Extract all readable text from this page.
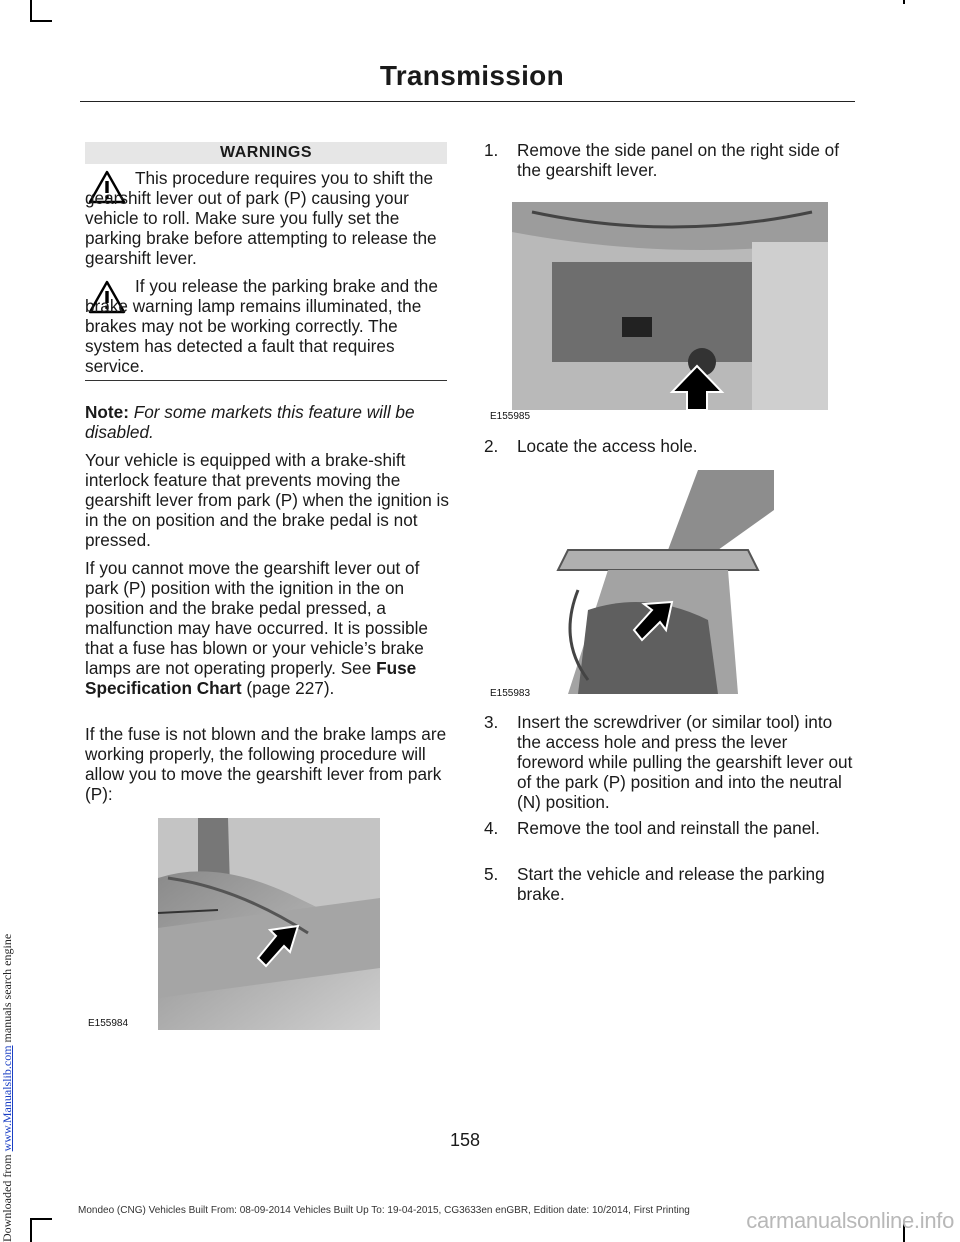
Transmission
WARNINGS
This procedure requires you to shift the gearshift lever out of park (P) causing your vehicle to roll. Make sure you fully set the parking brake before attempting to release the gearshift lever.
If you release the parking brake and the brake warning lamp remains illuminated, the brakes may not be working correctly. The system has detected a fault that requires service.

Note: For some markets this feature will be disabled.

Your vehicle is equipped with a brake-shift interlock feature that prevents moving the gearshift lever from park (P) when the ignition is in the on position and the brake pedal is not pressed.

If you cannot move the gearshift lever out of park (P) position with the ignition in the on position and the brake pedal pressed, a malfunction may have occurred. It is possible that a fuse has blown or your vehicle’s brake lamps are not operating properly. See Fuse Specification Chart (page 227).

If the fuse is not blown and the brake lamps are working properly, the following procedure will allow you to move the gearshift lever from park (P):

E155984
1. Remove the side panel on the right side of the gearshift lever.
E155985
2. Locate the access hole.
E155983
3. Insert the screwdriver (or similar tool) into the access hole and press the lever foreword while pulling the gearshift lever out of the park (P) position and into the neutral (N) position.
4. Remove the tool and reinstall the panel.
5. Start the vehicle and release the parking brake.
158
Mondeo (CNG) Vehicles Built From: 08-09-2014 Vehicles Built Up To: 19-04-2015, CG3633en enGBR, Edition date: 10/2014, First Printing
Downloaded from www.Manualslib.com manuals search engine
carmanualsonline.info
